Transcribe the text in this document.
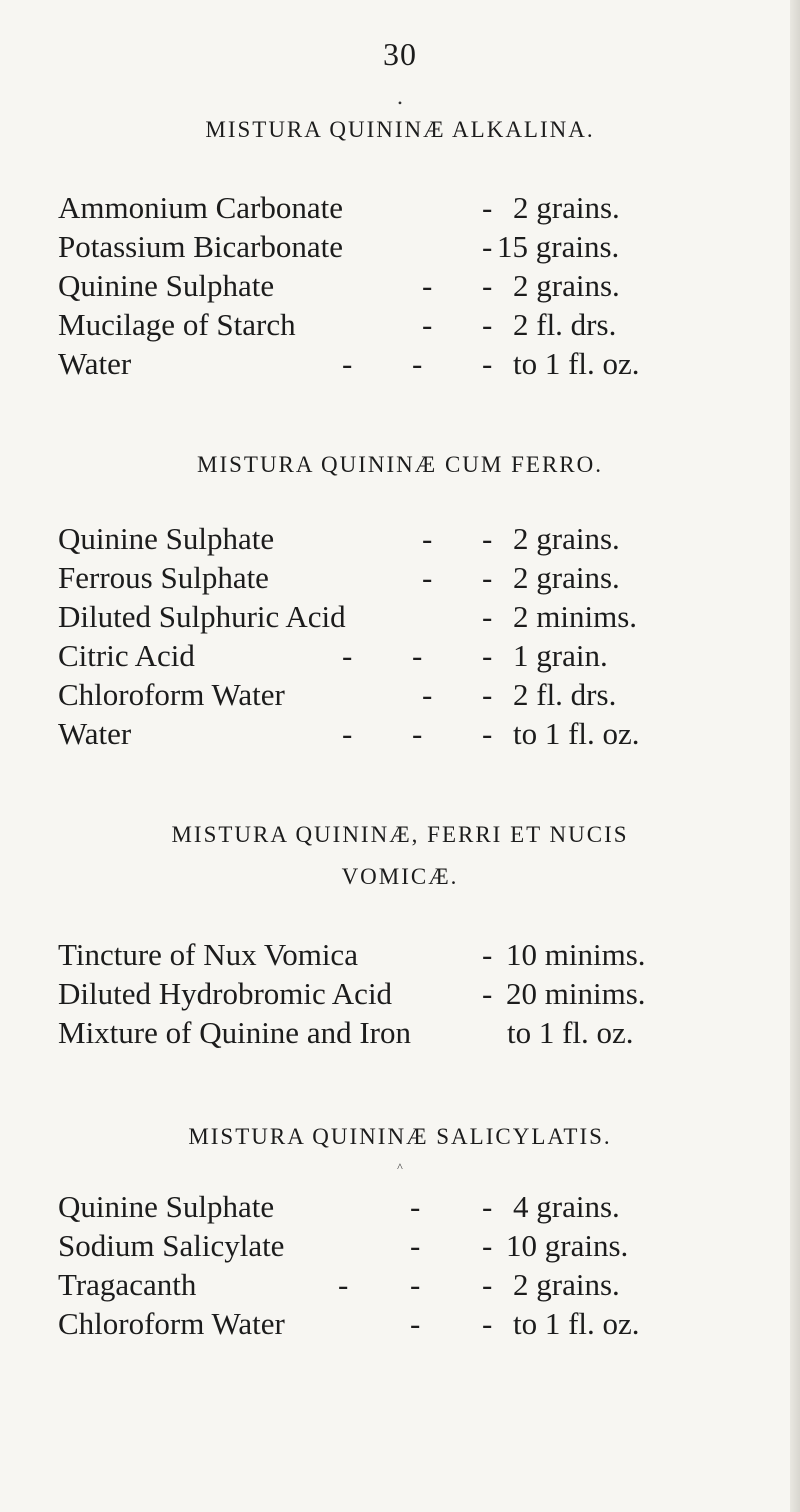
30
•
MISTURA QUININÆ ALKALINA.
Ammonium Carbonate	- 2 grains.
Potassium Bicarbonate	- 15 grains.
Quinine Sulphate	- - 2 grains.
Mucilage of Starch	- - 2 fl. drs.
Water	- - - to 1 fl. oz.
MISTURA QUININÆ CUM FERRO.
Quinine Sulphate	- - 2 grains.
Ferrous Sulphate	- - 2 grains.
Diluted Sulphuric Acid	- 2 minims.
Citric Acid	- - - 1 grain.
Chloroform Water	- - 2 fl. drs.
Water	- - - to 1 fl. oz.
MISTURA QUININÆ, FERRI ET NUCIS
VOMICÆ.
Tincture of Nux Vomica	- 10 minims.
Diluted Hydrobromic Acid	- 20 minims.
Mixture of Quinine and Iron	to 1 fl. oz.
MISTURA QUININÆ SALICYLATIS.
^
Quinine Sulphate	- - 4 grains.
Sodium Salicylate	- - 10 grains.
Tragacanth	- - - 2 grains.
Chloroform Water	- - to 1 fl. oz.
